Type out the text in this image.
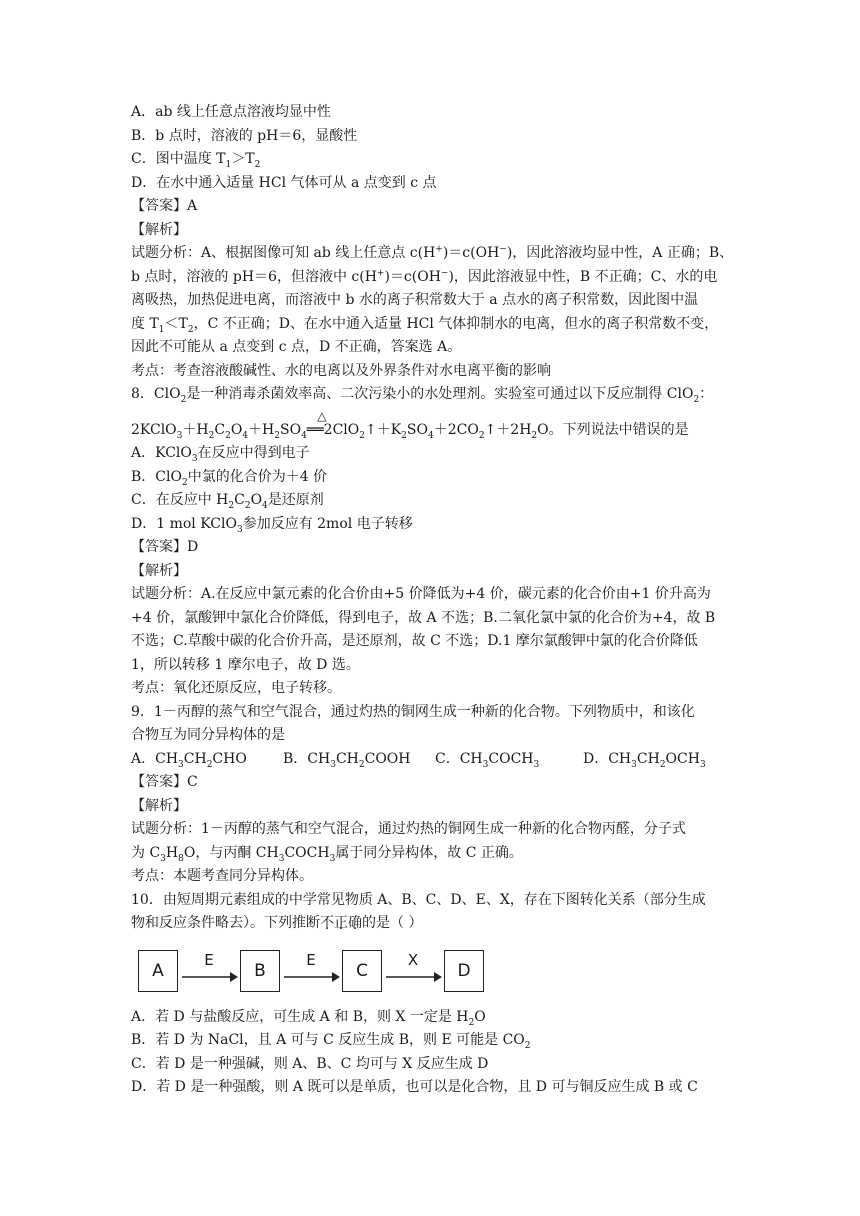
A．ab 线上任意点溶液均显中性
B．b 点时，溶液的 pH＝6，显酸性
C．图中温度 $T_1>T_2$
D．在水中通入适量 HCl 气体可从 a 点变到 c 点
【答案】A
【解析】
试题分析：A、根据图像可知 ab 线上任意点 c(H+)＝c(OH−)，因此溶液均显中性，A 正确；B、
b 点时，溶液的 pH＝6，但溶液中 c(H+)＝c(OH−)，因此溶液显中性，B 不正确；C、水的电
离吸热，加热促进电离，而溶液中 b 水的离子积常数大于 a 点水的离子积常数，因此图中温
度 $T_1<T_2$，C 不正确；D、在水中通入适量 HCl 气体抑制水的电离，但水的离子积常数不变，
因此不可能从 a 点变到 c 点，D 不正确，答案选 A。
考点：考查溶液酸碱性、水的电离以及外界条件对水电离平衡的影响
8．ClO$_2$是一种消毒杀菌效率高、二次污染小的水处理剂。实验室可通过以下反应制得 ClO$_2$：
$2KClO_3+H_2C_2O_4+H_2SO_4$
△
$══2ClO_2↑+K_2SO_4+2CO_2↑+2H_2O$。下列说法中错误的是
A．KClO$_3$在反应中得到电子
B．ClO$_2$中氯的化合价为＋4 价
C．在反应中 $H_2C_2O_4$是还原剂
D．1 mol KClO$_3$参加反应有 2mol 电子转移
【答案】D
【解析】
试题分析：A.在反应中氯元素的化合价由+5 价降低为+4 价，碳元素的化合价由+1 价升高为
+4 价，氯酸钾中氯化合价降低，得到电子，故 A 不选；B.二氧化氯中氯的化合价为+4，故 B
不选；C.草酸中碳的化合价升高，是还原剂，故 C 不选；D.1 摩尔氯酸钾中氯的化合价降低
1，所以转移 1 摩尔电子，故 D 选。
考点：氧化还原反应，电子转移。
9．1－丙醇的蒸气和空气混合，通过灼热的铜网生成一种新的化合物。下列物质中，和该化
合物互为同分异构体的是
A．$CH_3CH_2CHO$	B．$CH_3CH_2COOH$	C．$CH_3COCH_3$	D．$CH_3CH_2OCH_3$
【答案】C
【解析】
试题分析：1－丙醇的蒸气和空气混合，通过灼热的铜网生成一种新的化合物丙醛，分子式
为 $C_3H_8O$，与丙酮 $CH_3COCH_3$属于同分异构体，故 C 正确。
考点：本题考查同分异构体。
10．由短周期元素组成的中学常见物质 A、B、C、D、E、X，存在下图转化关系（部分生成
物和反应条件略去）。下列推断不正确的是（ ）
A
E
B
E
C
X
D
A．若 D 与盐酸反应，可生成 A 和 B，则 X 一定是 $H_2O$
B．若 D 为 NaCl，且 A 可与 C 反应生成 B，则 E 可能是 $CO_2$
C．若 D 是一种强碱，则 A、B、C 均可与 X 反应生成 D
D．若 D 是一种强酸，则 A 既可以是单质，也可以是化合物，且 D 可与铜反应生成 B 或 C
